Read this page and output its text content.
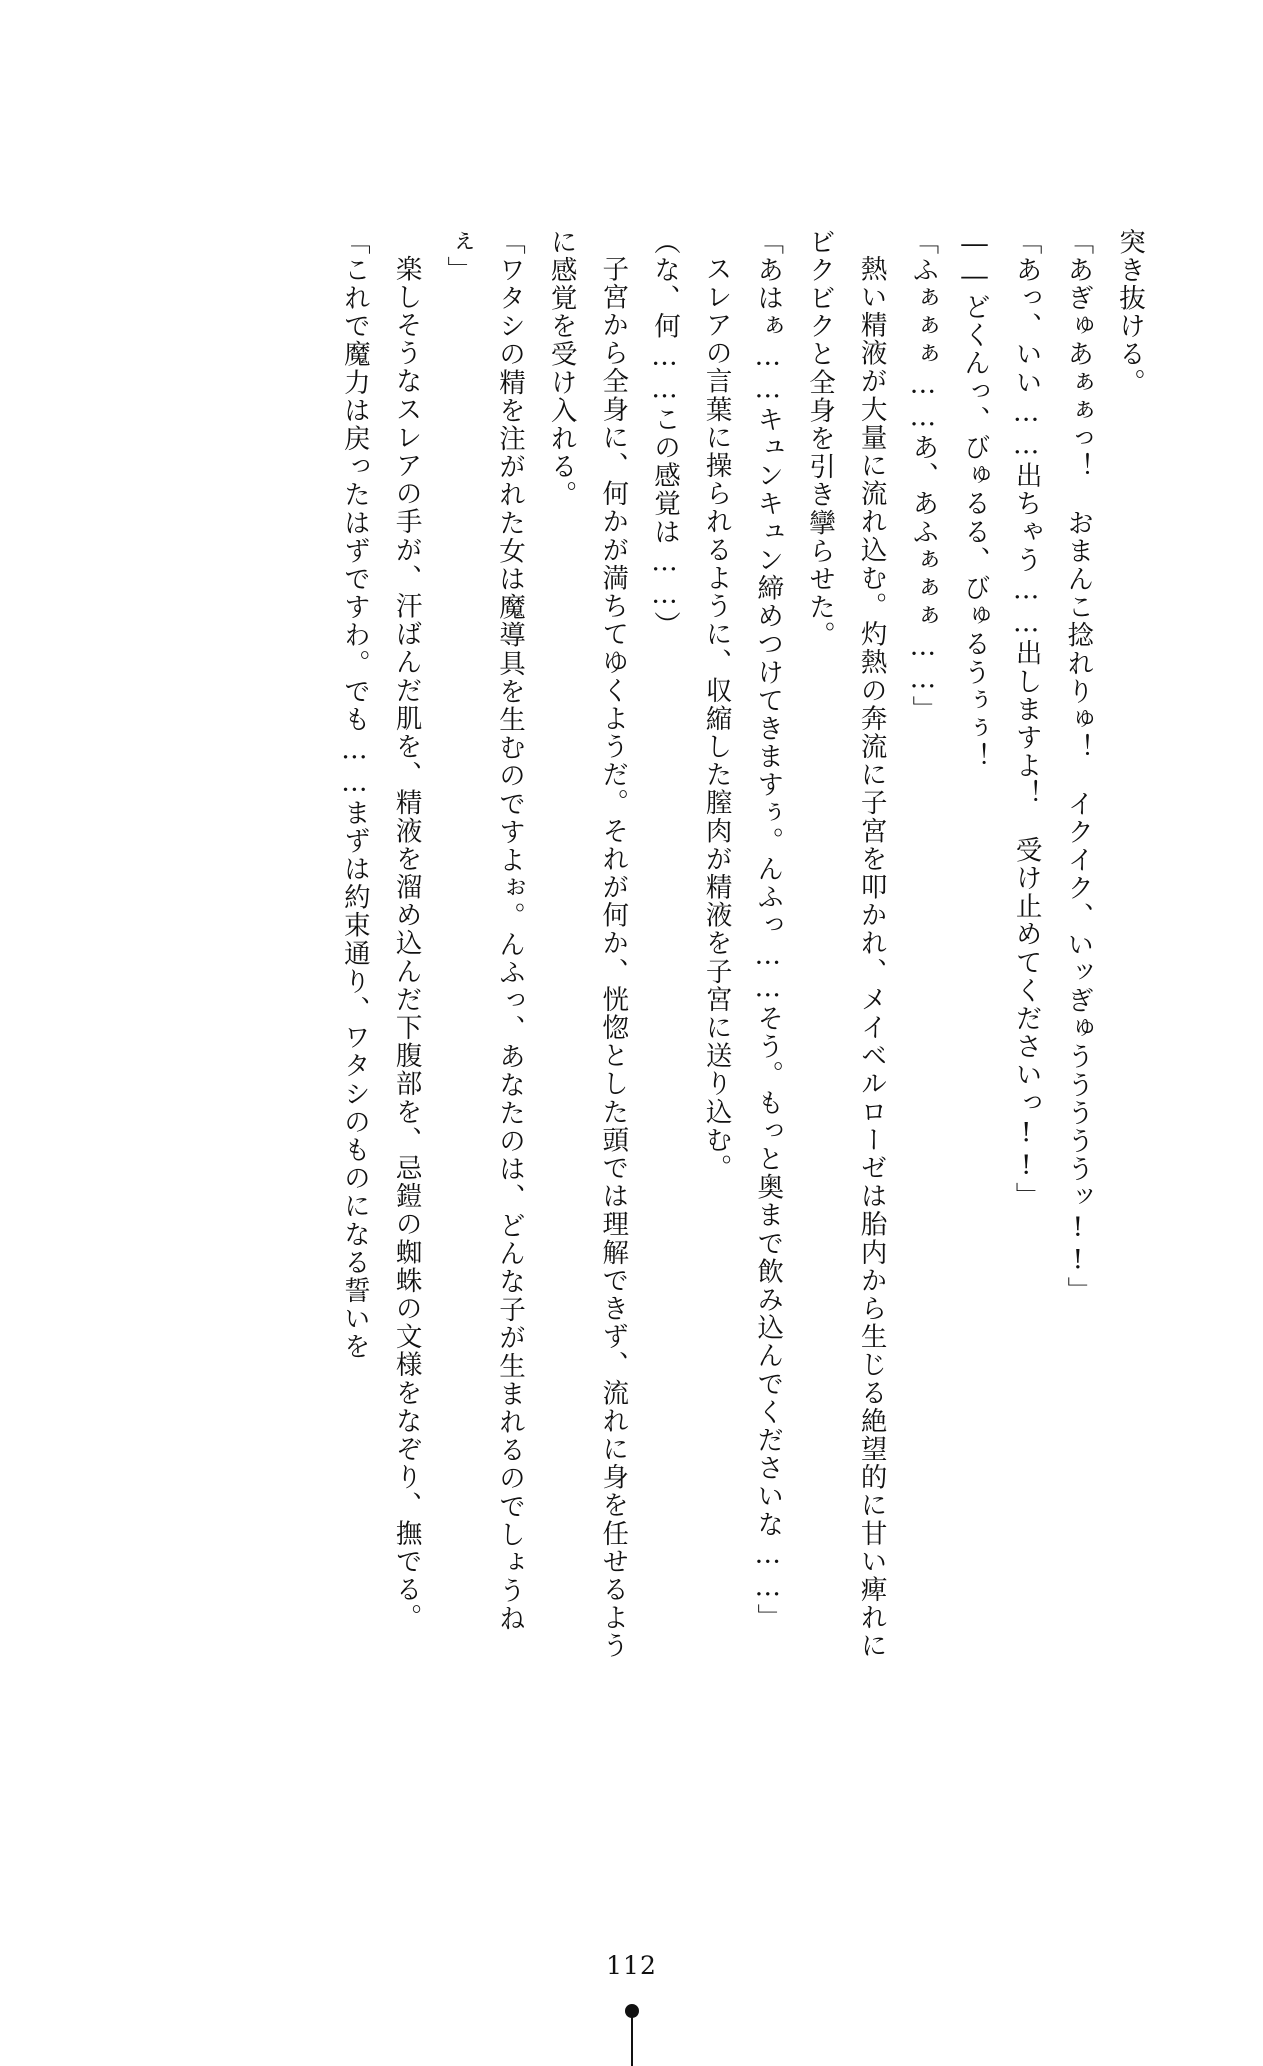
突き抜ける。

「あぎゅあぁぁっ！　おまんこ捻れりゅ！　イクイク、いッぎゅうううううッ!!」

「あっ、いい……出ちゃう……出しますよ！　受け止めてくださいっ!!」

――どくんっ、びゅるる、びゅるうぅぅ！

「ふぁぁぁ……あ、あふぁぁぁ……」

熱い精液が大量に流れ込む。灼熱の奔流に子宮を叩かれ、メイベルローゼは胎内から生じる絶望的に甘い痺れにビクビクと全身を引き攣らせた。

「あはぁ……キュンキュン締めつけてきますぅ。んふっ……そう。もっと奥まで飲み込んでくださいな……」

スレアの言葉に操られるように、収縮した膣肉が精液を子宮に送り込む。

（な、何……この感覚は……）

子宮から全身に、何かが満ちてゆくようだ。それが何か、恍惚とした頭では理解できず、流れに身を任せるように感覚を受け入れる。

「ワタシの精を注がれた女は魔導具を生むのですよぉ。んふっ、あなたのは、どんな子が生まれるのでしょうねぇ」

楽しそうなスレアの手が、汗ばんだ肌を、精液を溜め込んだ下腹部を、忌鎧の蜘蛛の文様をなぞり、撫でる。

「これで魔力は戻ったはずですわ。でも……まずは約束通り、ワタシのものになる誓いを

112
